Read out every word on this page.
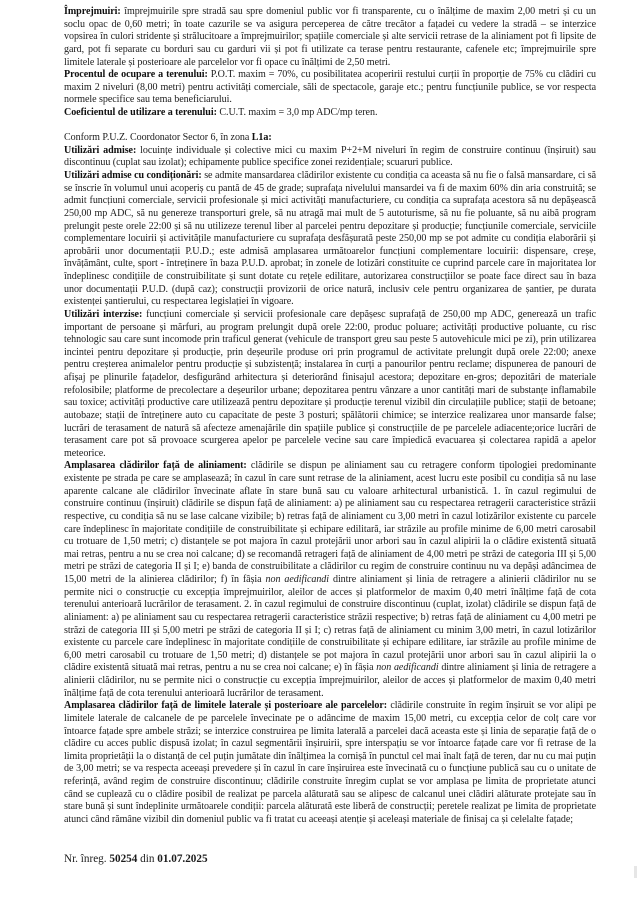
Împrejmuiri: împrejmuirile spre stradă sau spre domeniul public vor fi transparente, cu o înălțime de maxim 2,00 metri și cu un soclu opac de 0,60 metri; în toate cazurile se va asigura perceperea de către trecător a fațadei cu vedere la stradă – se interzice vopsirea în culori stridente și strălucitoare a împrejmuirilor; spațiile comerciale și alte servicii retrase de la aliniament pot fi lipsite de gard, pot fi separate cu borduri sau cu garduri vii și pot fi utilizate ca terase pentru restaurante, cafenele etc; împrejmuirile spre limitele laterale și posterioare ale parcelelor vor fi opace cu înălțimi de 2,50 metri.

Procentul de ocupare a terenului: P.O.T. maxim = 70%, cu posibilitatea acoperirii restului curții în proporție de 75% cu clădiri cu maxim 2 niveluri (8,00 metri) pentru activități comerciale, săli de spectacole, garaje etc.; pentru funcțiunile publice, se vor respecta normele specifice sau tema beneficiarului.

Coeficientul de utilizare a terenului: C.U.T. maxim = 3,0 mp ADC/mp teren.

Conform P.U.Z. Coordonator Sector 6, în zona L1a:

Utilizări admise: locuințe individuale și colective mici cu maxim P+2+M niveluri în regim de construire continuu (înșiruit) sau discontinuu (cuplat sau izolat); echipamente publice specifice zonei rezidențiale; scuaruri publice.

Utilizări admise cu condiționări: se admite mansardarea clădirilor existente cu condiția ca aceasta să nu fie o falsă mansardare, ci să se înscrie în volumul unui acoperiș cu pantă de 45 de grade; suprafața nivelului mansardei va fi de maxim 60% din aria construită; se admit funcțiuni comerciale, servicii profesionale și mici activități manufacturiere, cu condiția ca suprafața acestora să nu depășească 250,00 mp ADC, să nu genereze transporturi grele, să nu atragă mai mult de 5 autoturisme, să nu fie poluante, să nu aibă program prelungit peste orele 22:00 și să nu utilizeze terenul liber al parcelei pentru depozitare și producție; funcțiunile comerciale, serviciile complementare locuirii și activitățile manufacturiere cu suprafața desfășurată peste 250,00 mp se pot admite cu condiția elaborării și aprobării unor documentații P.U.D.; este admisă amplasarea următoarelor funcțiuni complementare locuirii: dispensare, creșe, învățământ, culte, sport - întreținere în baza P.U.D. aprobat; în zonele de lotizări constituite ce cuprind parcele care în majoritatea lor îndeplinesc condițiile de construibilitate și sunt dotate cu rețele edilitare, autorizarea construcțiilor se poate face direct sau în baza unor documentații P.U.D. (după caz); construcții provizorii de orice natură, inclusiv cele pentru organizarea de șantier, pe durata existenței șantierului, cu respectarea legislației în vigoare.

Utilizări interzise: funcțiuni comerciale și servicii profesionale care depășesc suprafață de 250,00 mp ADC, generează un trafic important de persoane și mărfuri, au program prelungit după orele 22:00, produc poluare; activități productive poluante, cu risc tehnologic sau care sunt incomode prin traficul generat (vehicule de transport greu sau peste 5 autovehicule mici pe zi), prin utilizarea incintei pentru depozitare și producție, prin deșeurile produse ori prin programul de activitate prelungit după orele 22:00; anexe pentru creșterea animalelor pentru producție și subzistență; instalarea în curți a panourilor pentru reclame; dispunerea de panouri de afișaj pe plinurile fațadelor, desfigurând arhitectura și deteriorând finisajul acestora; depozitare en-gros; depozitări de materiale refolosibile; platforme de precolectare a deșeurilor urbane; depozitarea pentru vânzare a unor cantități mari de substanțe inflamabile sau toxice; activități productive care utilizează pentru depozitare și producție terenul vizibil din circulațiile publice; stații de betoane; autobaze; stații de întreținere auto cu capacitate de peste 3 posturi; spălătorii chimice; se interzice realizarea unor mansarde false; lucrări de terasament de natură să afecteze amenajările din spațiile publice și construcțiile de pe parcelele adiacente;orice lucrări de terasament care pot să provoace scurgerea apelor pe parcelele vecine sau care împiedică evacuarea și colectarea rapidă a apelor meteorice.

Amplasarea clădirilor față de aliniament: clădirile se dispun pe aliniament sau cu retragere conform tipologiei predominante existente pe strada pe care se amplasează; în cazul în care sunt retrase de la aliniament, acest lucru este posibil cu condiția să nu lase aparente calcane ale clădirilor învecinate aflate în stare bună sau cu valoare arhitectural urbanistică. 1. în cazul regimului de construire continuu (înșiruit) clădirile se dispun față de aliniament: a) pe aliniament sau cu respectarea retragerii caracteristice străzii respective, cu condiția să nu se lase calcane vizibile; b) retras față de aliniament cu 3,00 metri în cazul lotizărilor existente cu parcele care îndeplinesc în majoritate condițiile de construibilitate și echipare edilitară, iar străzile au profile minime de 6,00 metri carosabil cu trotuare de 1,50 metri; c) distanțele se pot majora în cazul protejării unor arbori sau în cazul alipirii la o clădire existentă situată mai retras, pentru a nu se crea noi calcane; d) se recomandă retrageri față de aliniament de 4,00 metri pe străzi de categoria III și 5,00 metri pe străzi de categoria II și I; e) banda de construibilitate a clădirilor cu regim de construire continuu nu va depăși adâncimea de 15,00 metri de la alinierea clădirilor; f) în fâșia non aedificandi dintre aliniament și linia de retragere a alinierii clădirilor nu se permite nici o construcție cu excepția împrejmuirilor, aleilor de acces și platformelor de maxim 0,40 metri înălțime față de cota terenului anterioară lucrărilor de terasament. 2. în cazul regimului de construire discontinuu (cuplat, izolat) clădirile se dispun față de aliniament: a) pe aliniament sau cu respectarea retragerii caracteristice străzii respective; b) retras față de aliniament cu 4,00 metri pe străzi de categoria III și 5,00 metri pe străzi de categoria II și I; c) retras față de aliniament cu minim 3,00 metri, în cazul lotizărilor existente cu parcele care îndeplinesc în majoritate condițiile de construibilitate și echipare edilitare, iar străzile au profile minime de 6,00 metri carosabil cu trotuare de 1,50 metri; d) distanțele se pot majora în cazul protejării unor arbori sau în cazul alipirii la o clădire existentă situată mai retras, pentru a nu se crea noi calcane; e) în fâșia non aedificandi dintre aliniament și linia de retragere a alinierii clădirilor, nu se permite nici o construcție cu excepția împrejmuirilor, aleilor de acces și platformelor de maxim 0,40 metri înălțime față de cota terenului anterioară lucrărilor de terasament.

Amplasarea clădirilor față de limitele laterale și posterioare ale parcelelor: clădirile construite în regim înșiruit se vor alipi pe limitele laterale de calcanele de pe parcelele învecinate pe o adâncime de maxim 15,00 metri, cu excepția celor de colț care vor întoarce fațade spre ambele străzi; se interzice construirea pe limita laterală a parcelei dacă aceasta este și linia de separație față de o clădire cu acces public dispusă izolat; în cazul segmentării înșiruirii, spre interspațiu se vor întoarce fațade care vor fi retrase de la limita proprietății la o distanță de cel puțin jumătate din înălțimea la cornișă în punctul cel mai înalt față de teren, dar nu cu mai puțin de 3,00 metri; se va respecta aceeași prevedere și în cazul în care înșiruirea este învecinată cu o funcțiune publică sau cu o unitate de referință, având regim de construire discontinuu; clădirile construite înregim cuplat se vor amplasa pe limita de proprietate atunci când se cuplează cu o clădire posibil de realizat pe parcela alăturată sau se alipesc de calcanul unei clădiri alăturate protejate sau în stare bună și sunt îndeplinite următoarele condiții: parcela alăturată este liberă de construcții; peretele realizat pe limita de proprietate atunci când rămâne vizibil din domeniul public va fi tratat cu aceeași atenție și aceleași materiale de finisaj ca și celelalte fațade;

Nr. înreg. 50254 din 01.07.2025
